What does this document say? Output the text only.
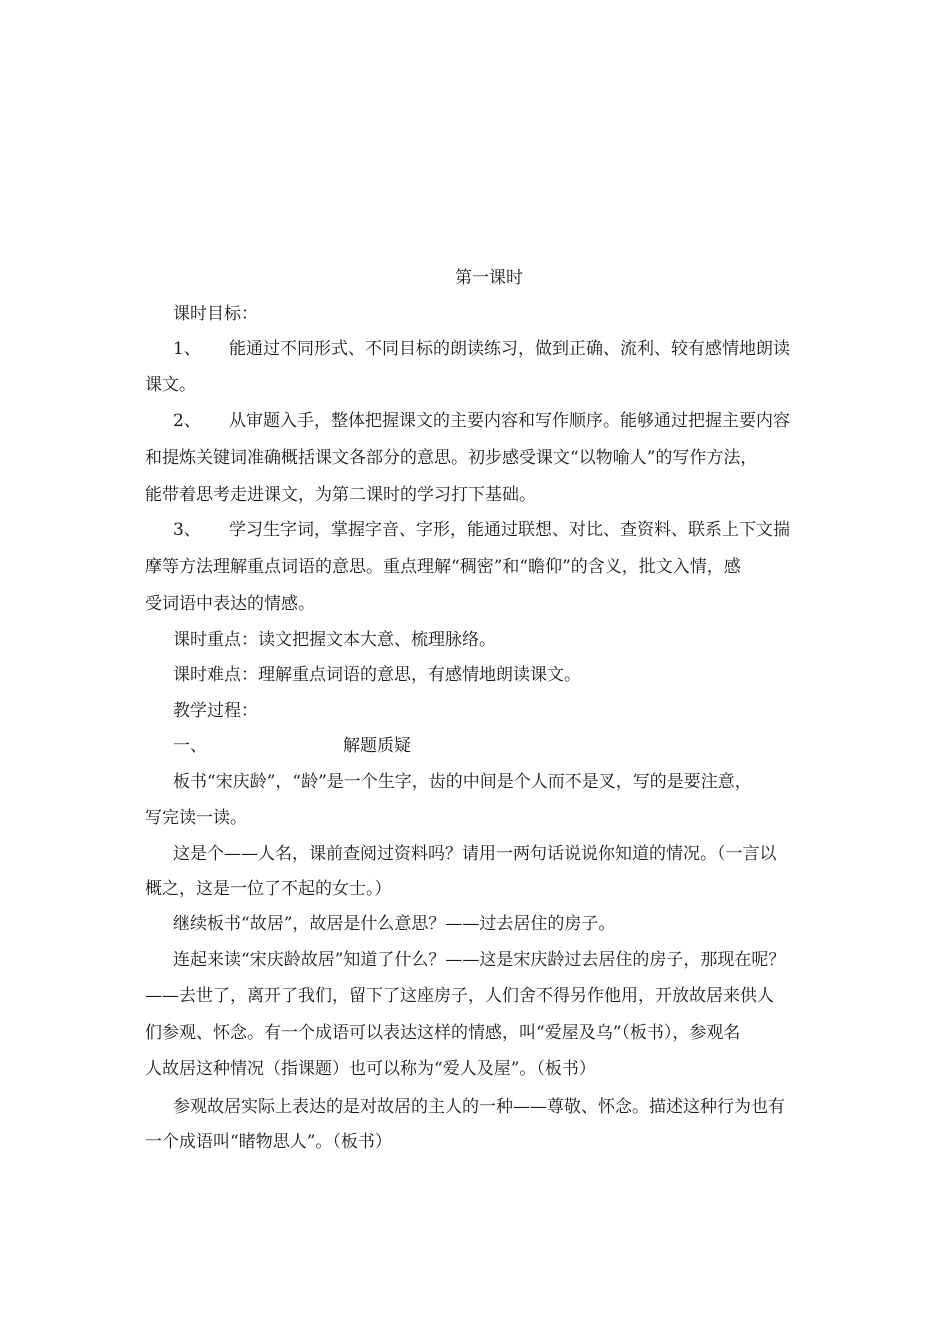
第一课时
课时目标：
1、 能通过不同形式、不同目标的朗读练习，做到正确、流利、较有感情地朗读
课文。
2、 从审题入手，整体把握课文的主要内容和写作顺序。能够通过把握主要内容
和提炼关键词准确概括课文各部分的意思。初步感受课文“以物喻人”的写作方法，
能带着思考走进课文，为第二课时的学习打下基础。
3、 学习生字词，掌握字音、字形，能通过联想、对比、查资料、联系上下文揣
摩等方法理解重点词语的意思。重点理解“稠密”和“瞻仰”的含义，批文入情，感
受词语中表达的情感。
课时重点：读文把握文本大意、梳理脉络。
课时难点：理解重点词语的意思，有感情地朗读课文。
教学过程：
一、	解题质疑
板书“宋庆龄”，“龄”是一个生字，齿的中间是个人而不是叉，写的是要注意，
写完读一读。
这是个——人名，课前查阅过资料吗？请用一两句话说说你知道的情况。（一言以
概之，这是一位了不起的女士。）
继续板书“故居”，故居是什么意思？——过去居住的房子。
连起来读“宋庆龄故居”知道了什么？——这是宋庆龄过去居住的房子，那现在呢？
——去世了，离开了我们，留下了这座房子，人们舍不得另作他用，开放故居来供人
们参观、怀念。有一个成语可以表达这样的情感，叫“爱屋及乌”（板书），参观名
人故居这种情况（指课题）也可以称为“爱人及屋”。（板书）
参观故居实际上表达的是对故居的主人的一种——尊敬、怀念。描述这种行为也有
一个成语叫“睹物思人”。（板书）
